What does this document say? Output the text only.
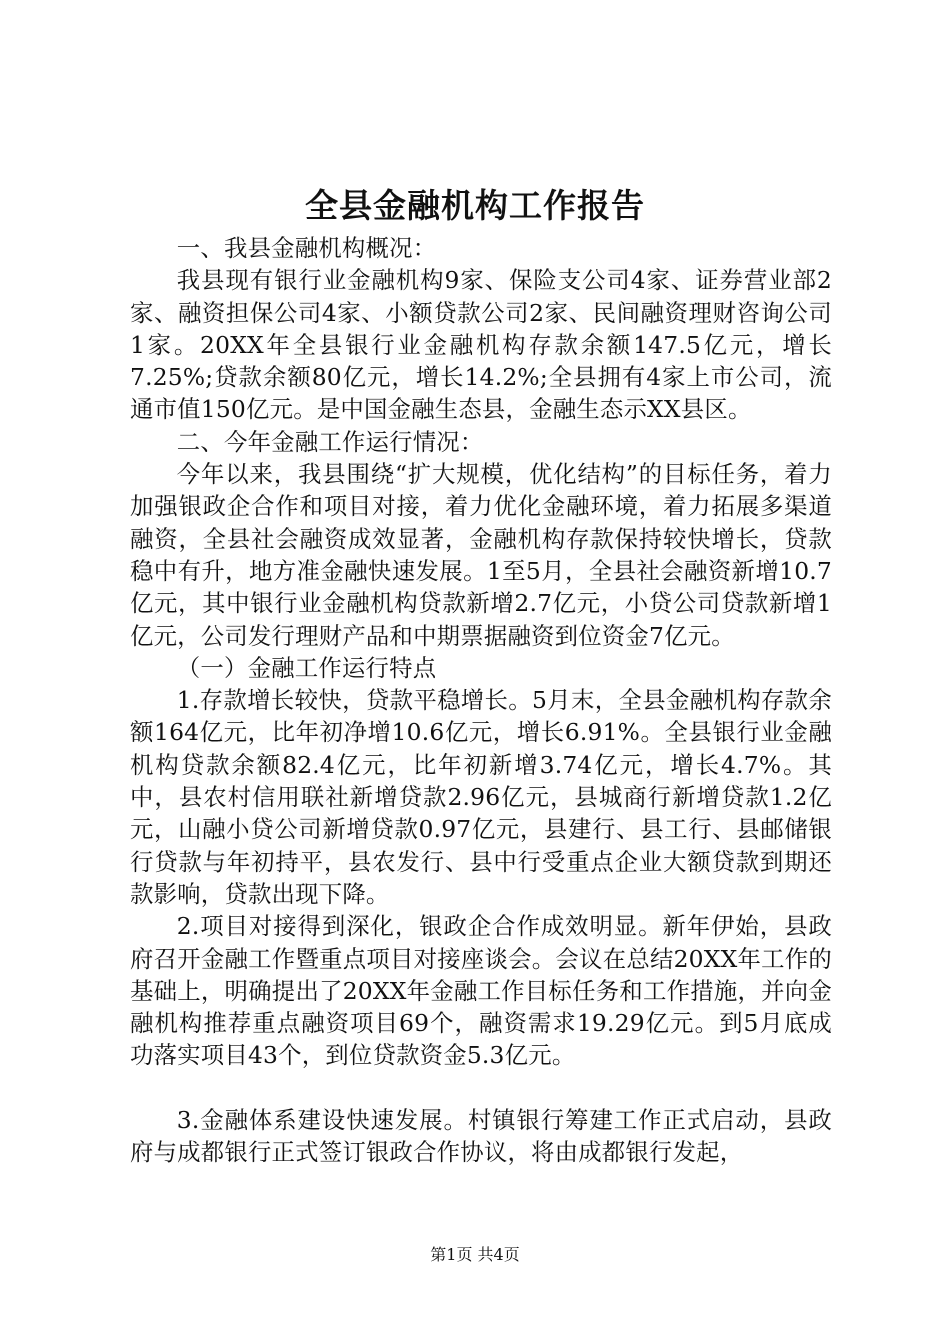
全县金融机构工作报告

一、我县金融机构概况：

我县现有银行业金融机构9家、保险支公司4家、证券营业部2家、融资担保公司4家、小额贷款公司2家、民间融资理财咨询公司1家。20XX年全县银行业金融机构存款余额147.5亿元，增长7.25%;贷款余额80亿元，增长14.2%;全县拥有4家上市公司，流通市值150亿元。是中国金融生态县，金融生态示XX县区。

二、今年金融工作运行情况：

今年以来，我县围绕“扩大规模，优化结构”的目标任务，着力加强银政企合作和项目对接，着力优化金融环境，着力拓展多渠道融资，全县社会融资成效显著，金融机构存款保持较快增长，贷款稳中有升，地方准金融快速发展。1至5月，全县社会融资新增10.7亿元，其中银行业金融机构贷款新增2.7亿元，小贷公司贷款新增1亿元，公司发行理财产品和中期票据融资到位资金7亿元。

（一）金融工作运行特点

1.存款增长较快，贷款平稳增长。5月末，全县金融机构存款余额164亿元，比年初净增10.6亿元，增长6.91%。全县银行业金融机构贷款余额82.4亿元，比年初新增3.74亿元，增长4.7%。其中，县农村信用联社新增贷款2.96亿元，县城商行新增贷款1.2亿元，山融小贷公司新增贷款0.97亿元，县建行、县工行、县邮储银行贷款与年初持平，县农发行、县中行受重点企业大额贷款到期还款影响，贷款出现下降。

2.项目对接得到深化，银政企合作成效明显。新年伊始，县政府召开金融工作暨重点项目对接座谈会。会议在总结20XX年工作的基础上，明确提出了20XX年金融工作目标任务和工作措施，并向金融机构推荐重点融资项目69个，融资需求19.29亿元。到5月底成功落实项目43个，到位贷款资金5.3亿元。

3.金融体系建设快速发展。村镇银行筹建工作正式启动，县政府与成都银行正式签订银政合作协议，将由成都银行发起，

第1页 共4页
